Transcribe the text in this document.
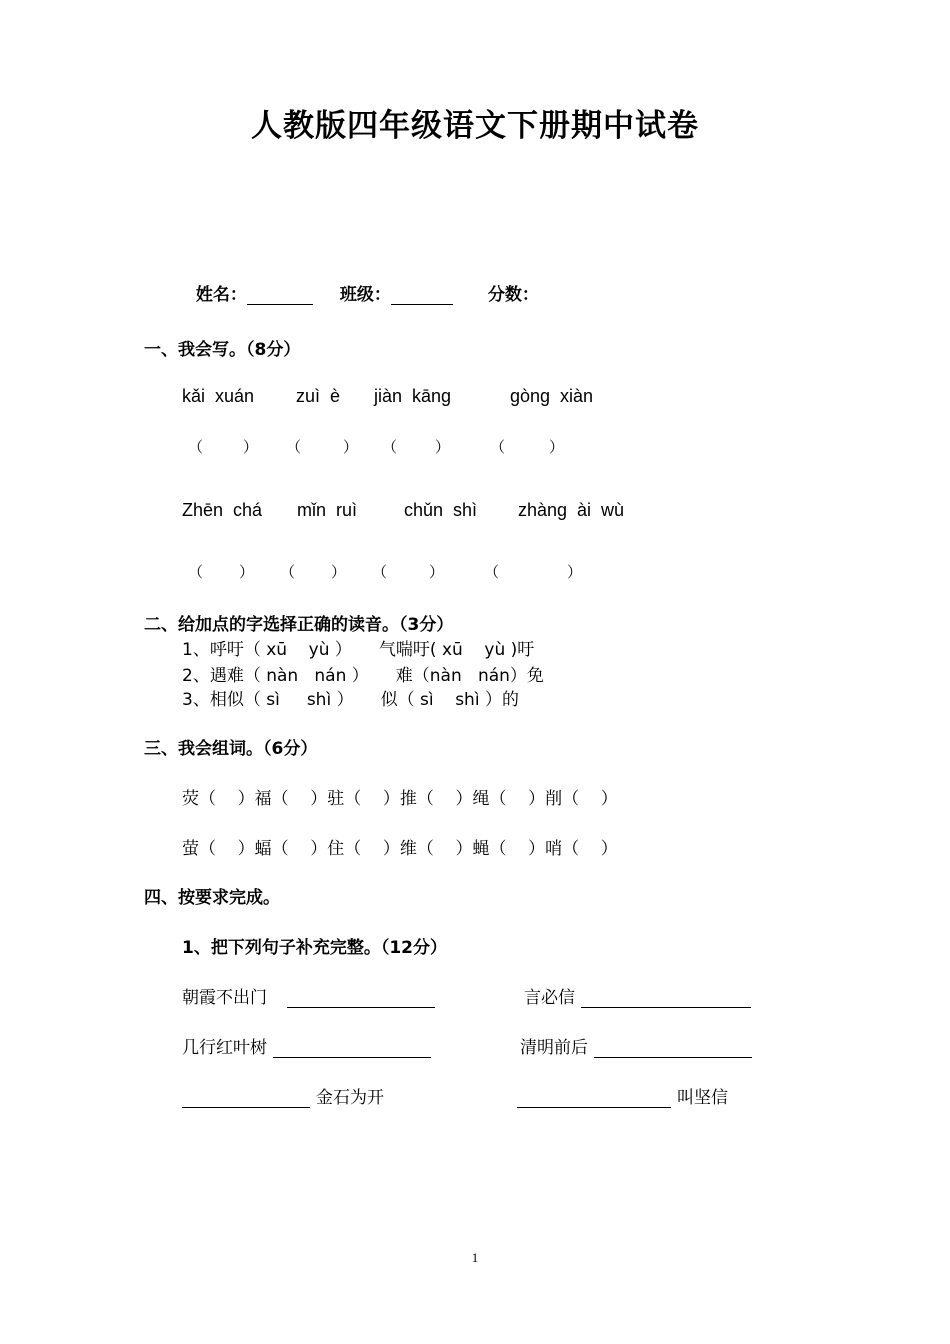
人教版四年级语文下册期中试卷

姓名：	班级：	分数：

一、我会写。（8分）
kǎi  xuán zuì  è jiàn  kāng	gòng  xiàn
（	） （	） （	）	（	）
Zhēn  chá mǐn  ruì	chǔn  shì zhàng  ài  wù
（ ） （ ） （	）	（	）
二、给加点的字选择正确的读音。（3分）
1、呼吁（ xū    yù ）     气喘吁( xū    yù )吁
2、遇难（ nàn   nán ）     难（nàn   nán）免
3、相似（ sì     shì ）     似（ sì    shì ）的
三、我会组词。（6分）
荧（    ）福（    ）驻（    ）推（    ）绳（    ）削（    ）
萤（    ）蝠（    ）住（    ）维（    ）蝇（    ）哨（    ）
四、按要求完成。
1、把下列句子补充完整。（12分）
朝霞不出门	言必信
几行红叶树	清明前后
金石为开	叫坚信
1
